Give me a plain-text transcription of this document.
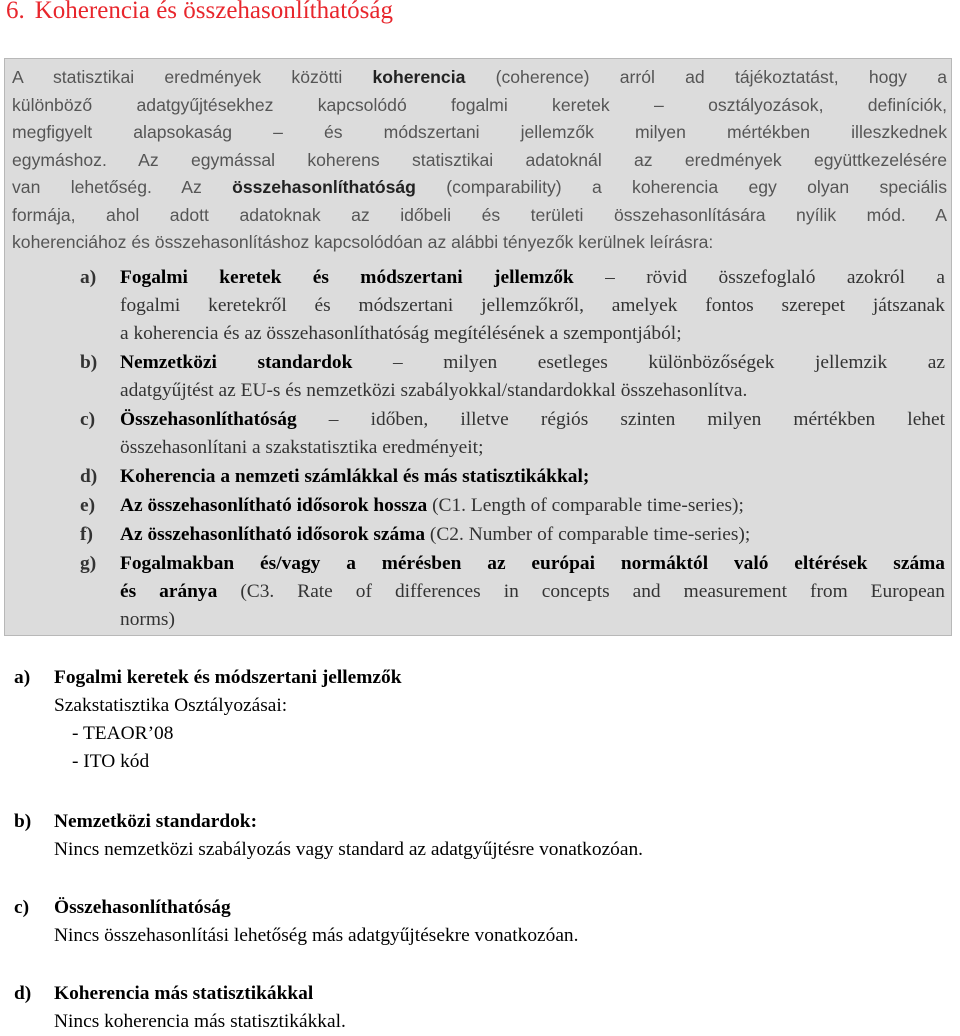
6. Koherencia és összehasonlíthatóság
A statisztikai eredmények közötti koherencia (coherence) arról ad tájékoztatást, hogy a
különböző adatgyűjtésekhez kapcsolódó fogalmi keretek – osztályozások, definíciók,
megfigyelt alapsokaság – és módszertani jellemzők milyen mértékben illeszkednek
egymáshoz. Az egymással koherens statisztikai adatoknál az eredmények együttkezelésére
van lehetőség. Az összehasonlíthatóság (comparability) a koherencia egy olyan speciális
formája, ahol adott adatoknak az időbeli és területi összehasonlítására nyílik mód. A
koherenciához és összehasonlításhoz kapcsolódóan az alábbi tényezők kerülnek leírásra:
a)	Fogalmi keretek és módszertani jellemzők – rövid összefoglaló azokról a
fogalmi keretekről és módszertani jellemzőkről, amelyek fontos szerepet játszanak
a koherencia és az összehasonlíthatóság megítélésének a szempontjából;
b)	Nemzetközi standardok – milyen esetleges különbözőségek jellemzik az
adatgyűjtést az EU-s és nemzetközi szabályokkal/standardokkal összehasonlítva.
c)	Összehasonlíthatóság – időben, illetve régiós szinten milyen mértékben lehet
összehasonlítani a szakstatisztika eredményeit;
d)	Koherencia a nemzeti számlákkal és más statisztikákkal;
e)	Az összehasonlítható idősorok hossza (C1. Length of comparable time-series);
f)	Az összehasonlítható idősorok száma (C2. Number of comparable time-series);
g)	Fogalmakban és/vagy a mérésben az európai normáktól való eltérések száma
és aránya (C3. Rate of differences in concepts and measurement from European
norms)
a)	Fogalmi keretek és módszertani jellemzők
Szakstatisztika Osztályozásai:
- TEAOR’08
- ITO kód
b)	Nemzetközi standardok:
Nincs nemzetközi szabályozás vagy standard az adatgyűjtésre vonatkozóan.
c)	Összehasonlíthatóság
Nincs összehasonlítási lehetőség más adatgyűjtésekre vonatkozóan.
d)	Koherencia más statisztikákkal
Nincs koherencia más statisztikákkal.
